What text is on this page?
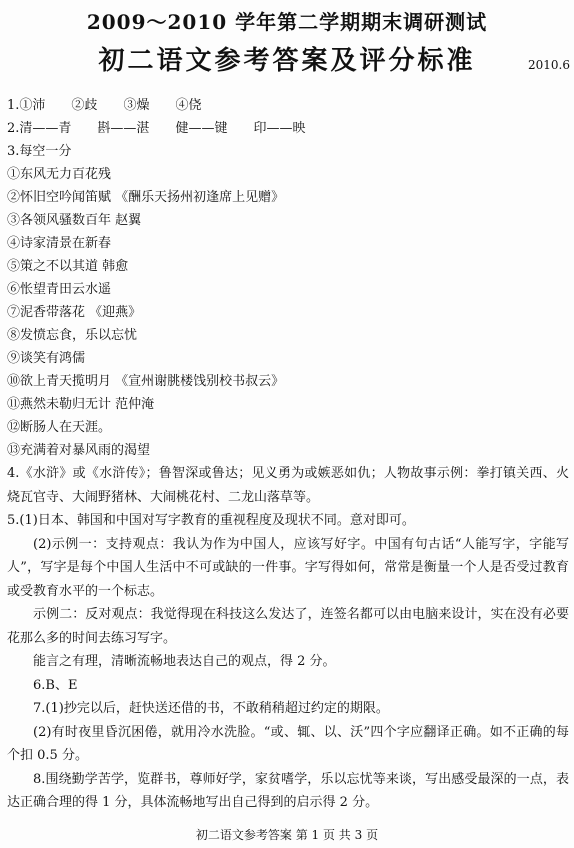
2009～2010 学年第二学期期末调研测试
初二语文参考答案及评分标准	2010.6
1.①沛 ②歧 ③燥 ④侥
2.清——青 斟——湛 健——键 印——映
3.每空一分
①东风无力百花残
②怀旧空吟闻笛赋 《酬乐天扬州初逢席上见赠》
③各领风骚数百年 赵翼
④诗家清景在新春
⑤策之不以其道 韩愈
⑥怅望青田云水遥
⑦泥香带落花 《迎燕》
⑧发愤忘食，乐以忘忧
⑨谈笑有鸿儒
⑩欲上青天揽明月 《宣州谢朓楼饯别校书叔云》
⑪燕然未勒归无计 范仲淹
⑫断肠人在天涯。
⑬充满着对暴风雨的渴望
4.《水浒》或《水浒传》；鲁智深或鲁达；见义勇为或嫉恶如仇；人物故事示例：拳打镇关西、火烧瓦官寺、大闹野猪林、大闹桃花村、二龙山落草等。
5.(1)日本、韩国和中国对写字教育的重视程度及现状不同。意对即可。
(2)示例一：支持观点：我认为作为中国人，应该写好字。中国有句古话“人能写字，字能写人”，写字是每个中国人生活中不可或缺的一件事。字写得如何，常常是衡量一个人是否受过教育或受教育水平的一个标志。
示例二：反对观点：我觉得现在科技这么发达了，连签名都可以由电脑来设计，实在没有必要花那么多的时间去练习写字。
能言之有理，清晰流畅地表达自己的观点，得 2 分。
6.B、E
7.(1)抄完以后，赶快送还借的书，不敢稍稍超过约定的期限。
(2)有时夜里昏沉困倦，就用冷水洗脸。“或、辄、以、沃”四个字应翻译正确。如不正确的每个扣 0.5 分。
8.围绕勤学苦学，览群书，尊师好学，家贫嗜学，乐以忘忧等来谈，写出感受最深的一点，表达正确合理的得 1 分，具体流畅地写出自己得到的启示得 2 分。
初二语文参考答案 第 1 页 共 3 页
